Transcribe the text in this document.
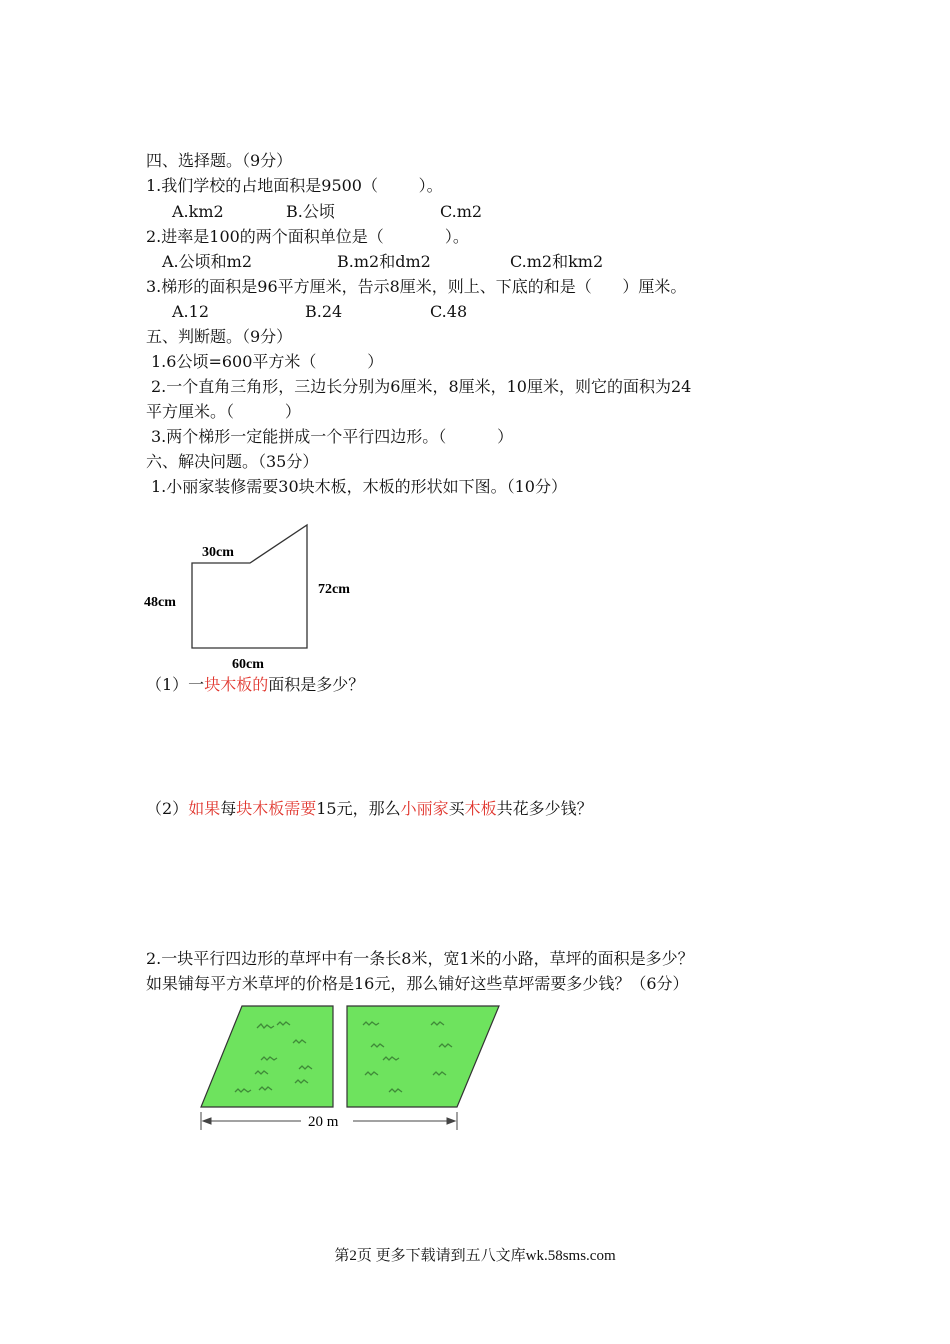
四、选择题。（9分）
1.我们学校的占地面积是9500（        ）。
A.km2	B.公顷	C.m2
2.进率是100的两个面积单位是（            ）。
A.公顷和m2	B.m2和dm2	C.m2和km2
3.梯形的面积是96平方厘米，告示8厘米，则上、下底的和是（      ）厘米。
A.12	B.24	C.48
五、判断题。（9分）
1.6公顷=600平方米（          ）
2.一个直角三角形，三边长分别为6厘米，8厘米，10厘米，则它的面积为24
平方厘米。（          ）
3.两个梯形一定能拼成一个平行四边形。（          ）
六、解决问题。（35分）
1.小丽家装修需要30块木板，木板的形状如下图。（10分）
30cm
48cm
72cm
60cm
（1）一块木板的面积是多少？
（2）如果每块木板需要15元，那么小丽家买木板共花多少钱？
2.一块平行四边形的草坪中有一条长8米，宽1米的小路，草坪的面积是多少？
如果铺每平方米草坪的价格是16元，那么铺好这些草坪需要多少钱？（6分）
20 m
第2页 更多下载请到五八文库wk.58sms.com
